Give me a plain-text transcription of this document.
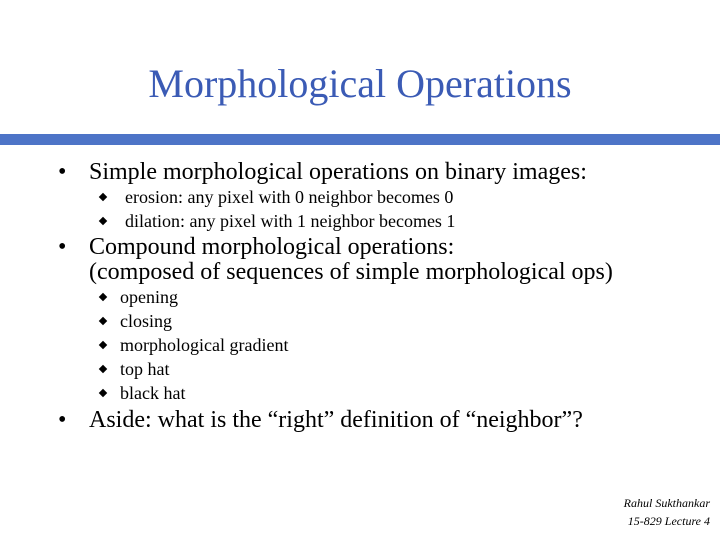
Morphological Operations
• Simple morphological operations on binary images:
erosion: any pixel with 0 neighbor becomes 0
dilation: any pixel with 1 neighbor becomes 1
• Compound morphological operations:
(composed of sequences of simple morphological ops)
opening
closing
morphological gradient
top hat
black hat
• Aside: what is the “right” definition of “neighbor”?
Rahul Sukthankar
15-829 Lecture 4
